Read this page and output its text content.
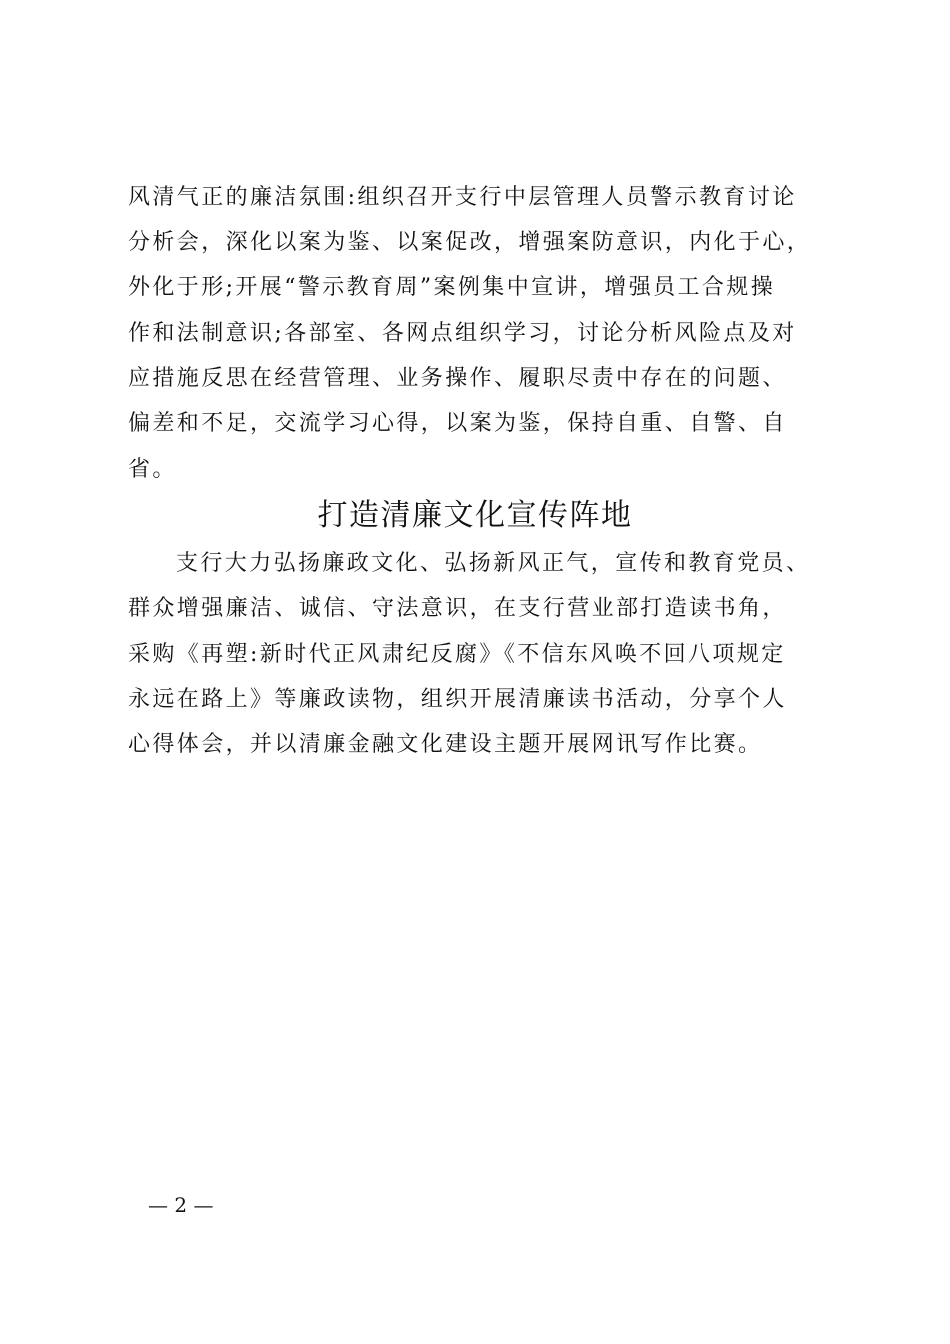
风清气正的廉洁氛围:组织召开支行中层管理人员警示教育讨论
分析会，深化以案为鉴、以案促改，增强案防意识，内化于心，
外化于形;开展“警示教育周”案例集中宣讲，增强员工合规操
作和法制意识;各部室、各网点组织学习，讨论分析风险点及对
应措施反思在经营管理、业务操作、履职尽责中存在的问题、
偏差和不足，交流学习心得，以案为鉴，保持自重、自警、自
省。
打造清廉文化宣传阵地
支行大力弘扬廉政文化、弘扬新风正气，宣传和教育党员、
群众增强廉洁、诚信、守法意识，在支行营业部打造读书角，
采购《再塑:新时代正风肃纪反腐》《不信东风唤不回八项规定
永远在路上》等廉政读物，组织开展清廉读书活动，分享个人
心得体会，并以清廉金融文化建设主题开展网讯写作比赛。
— 2 —
